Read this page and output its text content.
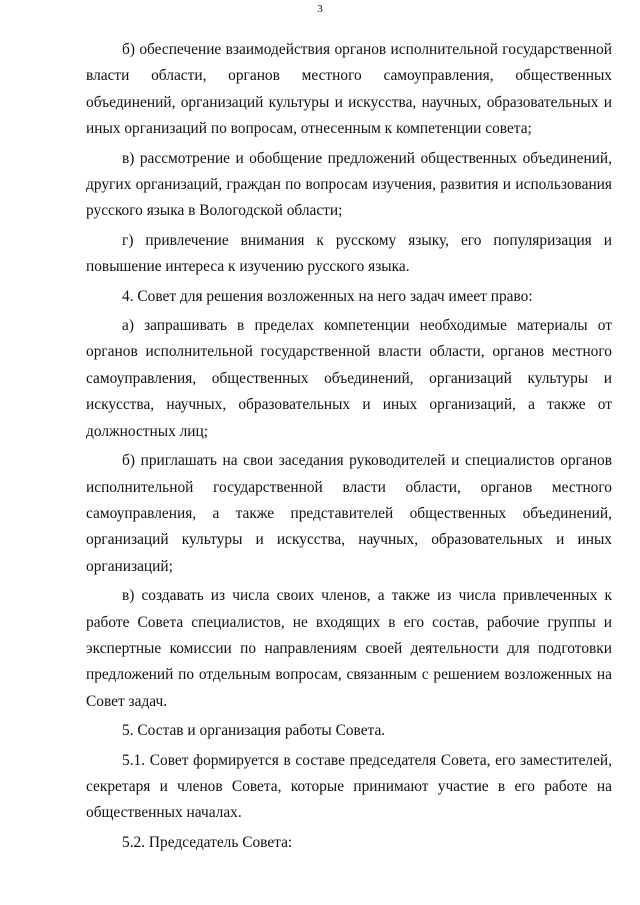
3

б) обеспечение взаимодействия органов исполнительной государственной власти области, органов местного самоуправления, общественных объединений, организаций культуры и искусства, научных, образовательных и иных организаций по вопросам, отнесенным к компетенции совета;

в) рассмотрение и обобщение предложений общественных объединений, других организаций, граждан по вопросам изучения, развития и использования русского языка в Вологодской области;

г) привлечение внимания к русскому языку, его популяризация и повышение интереса к изучению русского языка.

4. Совет для решения возложенных на него задач имеет право:

а) запрашивать в пределах компетенции необходимые материалы от органов исполнительной государственной власти области, органов местного самоуправления, общественных объединений, организаций культуры и искусства, научных, образовательных и иных организаций, а также от должностных лиц;

б) приглашать на свои заседания руководителей и специалистов органов исполнительной государственной власти области, органов местного самоуправления, а также представителей общественных объединений, организаций культуры и искусства, научных, образовательных и иных организаций;

в) создавать из числа своих членов, а также из числа привлеченных к работе Совета специалистов, не входящих в его состав, рабочие группы и экспертные комиссии по направлениям своей деятельности для подготовки предложений по отдельным вопросам, связанным с решением возложенных на Совет задач.

5. Состав и организация работы Совета.

5.1. Совет формируется в составе председателя Совета, его заместителей, секретаря и членов Совета, которые принимают участие в его работе на общественных началах.

5.2. Председатель Совета:
